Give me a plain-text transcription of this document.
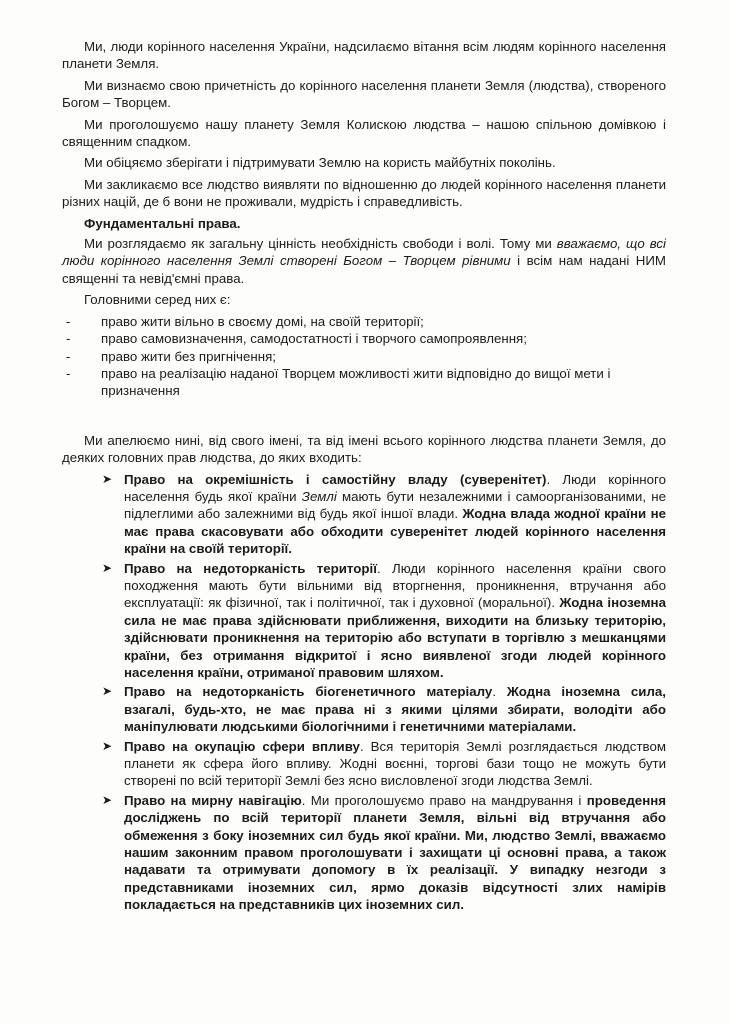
Ми, люди корінного населення України, надсилаємо вітання всім людям корінного населення планети Земля.

Ми визнаємо свою причетність до корінного населення планети Земля (людства), створеного Богом – Творцем.

Ми проголошуємо нашу планету Земля Колискою людства – нашою спільною домівкою і священним спадком.

Ми обіцяємо зберігати і підтримувати Землю на користь майбутніх поколінь.

Ми закликаємо все людство виявляти по відношенню до людей корінного населення планети різних націй, де б вони не проживали, мудрість і справедливість.

Фундаментальні права.

Ми розглядаємо як загальну цінність необхідність свободи і волі. Тому ми вважаємо, що всі люди корінного населення Землі створені Богом – Творцем рівними і всім нам надані НИМ священні та невід'ємні права.

Головними серед них є:

- право жити вільно в своєму домі, на своїй території;
- право самовизначення, самодостатності і творчого самопроявлення;
- право жити без пригнічення;
- право на реалізацію наданої Творцем можливості жити відповідно до вищої мети і призначення

Ми апелюємо нині, від свого імені, та від імені всього корінного людства планети Земля, до деяких головних прав людства, до яких входить:

➤ Право на окремішність і самостійну владу (суверенітет). Люди корінного населення будь якої країни Землі мають бути незалежними і самоорганізованими, не підлеглими або залежними від будь якої іншої влади. Жодна влада жодної країни не має права скасовувати або обходити суверенітет людей корінного населення країни на своїй території.
➤ Право на недоторканість території. Люди корінного населення країни свого походження мають бути вільними від вторгнення, проникнення, втручання або експлуатації: як фізичної, так і політичної, так і духовної (моральної). Жодна іноземна сила не має права здійснювати приближення, виходити на близьку територію, здійснювати проникнення на територію або вступати в торгівлю з мешканцями країни, без отримання відкритої і ясно виявленої згоди людей корінного населення країни, отриманої правовим шляхом.
➤ Право на недоторканість біогенетичного матеріалу. Жодна іноземна сила, взагалі, будь-хто, не має права ні з якими цілями збирати, володіти або маніпулювати людськими біологічними і генетичними матеріалами.
➤ Право на окупацію сфери впливу. Вся територія Землі розглядається людством планети як сфера його впливу. Жодні воєнні, торгові бази тощо не можуть бути створені по всій території Землі без ясно висловленої згоди людства Землі.
➤ Право на мирну навігацію. Ми проголошуємо право на мандрування і проведення досліджень по всій території планети Земля, вільні від втручання або обмеження з боку іноземних сил будь якої країни. Ми, людство Землі, вважаємо нашим законним правом проголошувати і захищати ці основні права, а також надавати та отримувати допомогу в їх реалізації. У випадку незгоди з представниками іноземних сил, ярмо доказів відсутності злих намірів покладається на представників цих іноземних сил.
